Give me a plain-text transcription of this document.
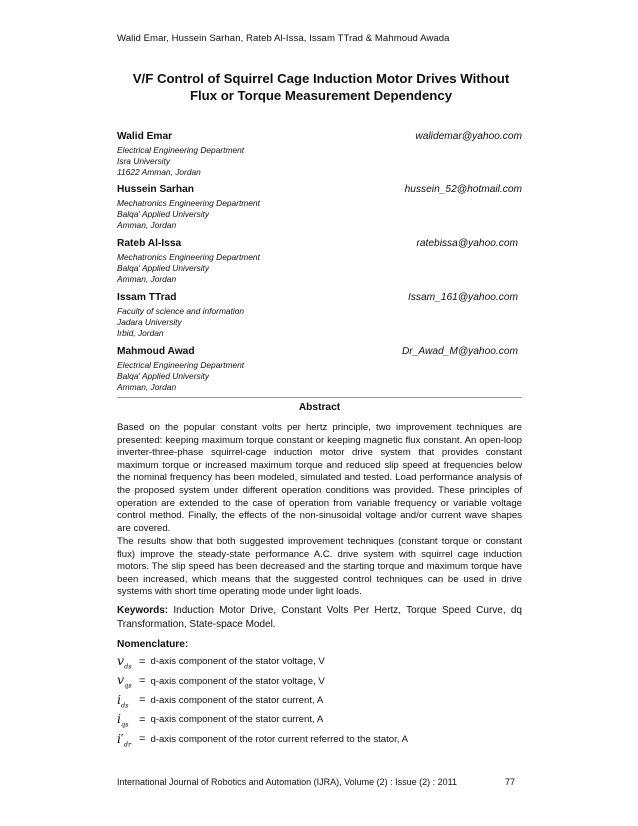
Walid Emar, Hussein Sarhan, Rateb Al-Issa, Issam TTrad & Mahmoud Awada
V/F Control of Squirrel Cage Induction Motor Drives Without
Flux or Torque Measurement Dependency
Walid Emar	walidemar@yahoo.com
Electrical Engineering Department
Isra University
11622 Amman, Jordan
Hussein Sarhan	hussein_52@hotmail.com
Mechatronics Engineering Department
Balqa' Applied University
Amman, Jordan
Rateb Al-Issa	ratebissa@yahoo.com
Mechatronics Engineering Department
Balqa' Applied University
Amman, Jordan
Issam TTrad	Issam_161@yahoo.com
Faculty of science and information
Jadara University
Irbid, Jordan
Mahmoud Awad	Dr_Awad_M@yahoo.com
Electrical Engineering Department
Balqa' Applied University
Amman, Jordan
Abstract

Based on the popular constant volts per hertz principle, two improvement techniques are presented: keeping maximum torque constant or keeping magnetic flux constant. An open-loop inverter-three-phase squirrel-cage induction motor drive system that provides constant maximum torque or increased maximum torque and reduced slip speed at frequencies below the nominal frequency has been modeled, simulated and tested. Load performance analysis of the proposed system under different operation conditions was provided. These principles of operation are extended to the case of operation from variable frequency or variable voltage control method. Finally, the effects of the non-sinusoidal voltage and/or current wave shapes are covered.

The results show that both suggested improvement techniques (constant torque or constant flux) improve the steady-state performance A.C. drive system with squirrel cage induction motors. The slip speed has been decreased and the starting torque and maximum torque have been increased, which means that the suggested control techniques can be used in drive systems with short time operating mode under light loads.

Keywords: Induction Motor Drive, Constant Volts Per Hertz, Torque Speed Curve, dq Transformation, State-space Model.

Nomenclature:
$v_{ds}$ = d-axis component of the stator voltage, V
$v_{qs}$ = q-axis component of the stator voltage, V
$i_{ds}$ = d-axis component of the stator current, A
$i_{qs}$ = q-axis component of the stator current, A
$i'_{dr}$ = d-axis component of the rotor current referred to the stator, A
International Journal of Robotics and Automation (IJRA), Volume (2) : Issue (2) : 2011	77
